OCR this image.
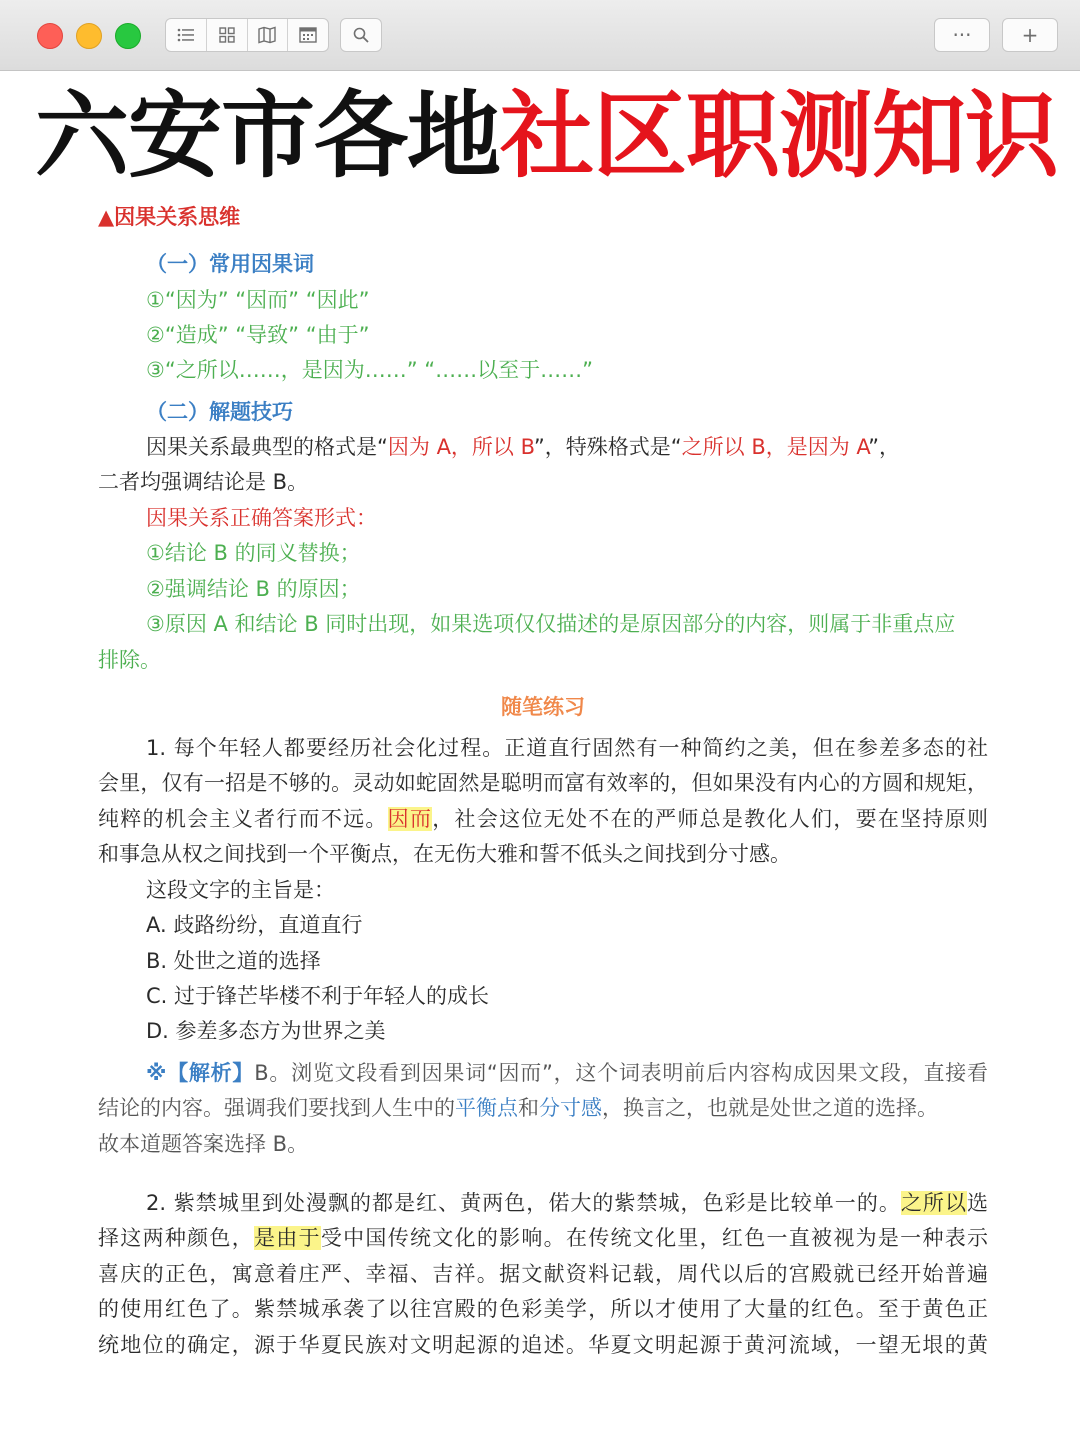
···	+
六安市各地社区职测知识
▲因果关系思维
（一）常用因果词
①“因为” “因而” “因此”
②“造成” “导致” “由于”
③“之所以……，是因为……” “……以至于……”
（二）解题技巧
因果关系最典型的格式是“因为 A，所以 B”，特殊格式是“之所以 B，是因为 A”，
二者均强调结论是 B。
因果关系正确答案形式：
①结论 B 的同义替换；
②强调结论 B 的原因；
③原因 A 和结论 B 同时出现，如果选项仅仅描述的是原因部分的内容，则属于非重点应
排除。
随笔练习
1. 每个年轻人都要经历社会化过程。正道直行固然有一种简约之美，但在参差多态的社
会里，仅有一招是不够的。灵动如蛇固然是聪明而富有效率的，但如果没有内心的方圆和规矩，
纯粹的机会主义者行而不远。因而，社会这位无处不在的严师总是教化人们，要在坚持原则
和事急从权之间找到一个平衡点，在无伤大雅和誓不低头之间找到分寸感。
这段文字的主旨是：
A. 歧路纷纷，直道直行
B. 处世之道的选择
C. 过于锋芒毕楼不利于年轻人的成长
D. 参差多态方为世界之美
※【解析】B。浏览文段看到因果词“因而”，这个词表明前后内容构成因果文段，直接看
结论的内容。强调我们要找到人生中的平衡点和分寸感，换言之，也就是处世之道的选择。
故本道题答案选择 B。
2. 紫禁城里到处漫飘的都是红、黄两色，偌大的紫禁城，色彩是比较单一的。之所以选
择这两种颜色，是由于受中国传统文化的影响。在传统文化里，红色一直被视为是一种表示
喜庆的正色，寓意着庄严、幸福、吉祥。据文献资料记载，周代以后的宫殿就已经开始普遍
的使用红色了。紫禁城承袭了以往宫殿的色彩美学，所以才使用了大量的红色。至于黄色正
统地位的确定，源于华夏民族对文明起源的追述。华夏文明起源于黄河流域，一望无垠的黄
